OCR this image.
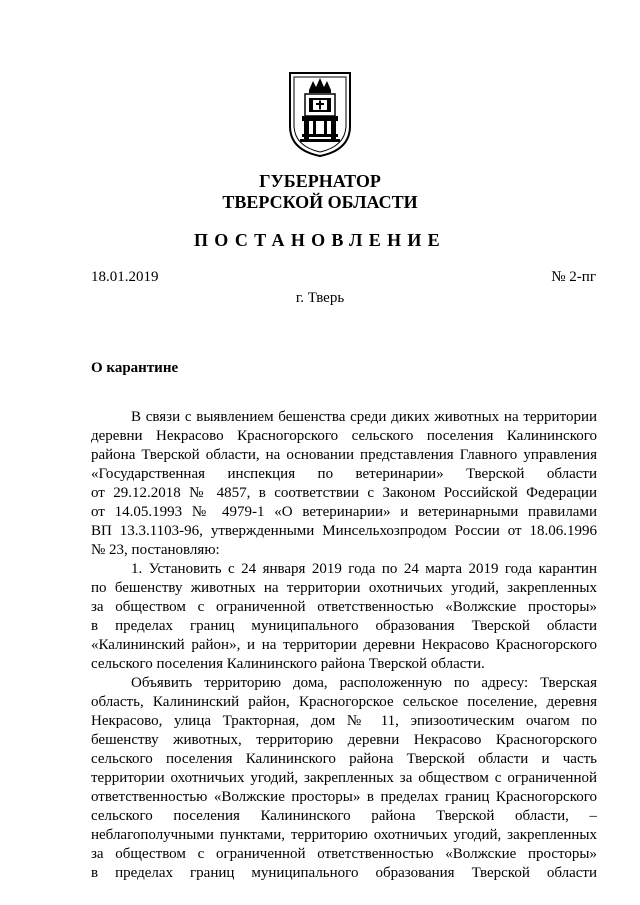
ГУБЕРНАТОР
ТВЕРСКОЙ ОБЛАСТИ
ПОСТАНОВЛЕНИЕ
18.01.2019	№ 2-пг
г. Тверь
О карантине
В связи с выявлением бешенства среди диких животных на территории
деревни Некрасово Красногорского сельского поселения Калининского
района Тверской области, на основании представления Главного управления
«Государственная инспекция по ветеринарии» Тверской области
от 29.12.2018 № 4857, в соответствии с Законом Российской Федерации
от 14.05.1993 № 4979-1 «О ветеринарии» и ветеринарными правилами
ВП 13.3.1103-96, утвержденными Минсельхозпродом России от 18.06.1996
№ 23, постановляю:
1. Установить с 24 января 2019 года по 24 марта 2019 года карантин
по бешенству животных на территории охотничьих угодий, закрепленных
за обществом с ограниченной ответственностью «Волжские просторы»
в пределах границ муниципального образования Тверской области
«Калининский район», и на территории деревни Некрасово Красногорского
сельского поселения Калининского района Тверской области.
Объявить территорию дома, расположенную по адресу: Тверская
область, Калининский район, Красногорское сельское поселение, деревня
Некрасово, улица Тракторная, дом № 11, эпизоотическим очагом по
бешенству животных, территорию деревни Некрасово Красногорского
сельского поселения Калининского района Тверской области и часть
территории охотничьих угодий, закрепленных за обществом с ограниченной
ответственностью «Волжские просторы» в пределах границ Красногорского
сельского поселения Калининского района Тверской области, –
неблагополучными пунктами, территорию охотничьих угодий, закрепленных
за обществом с ограниченной ответственностью «Волжские просторы»
в пределах границ муниципального образования Тверской области
